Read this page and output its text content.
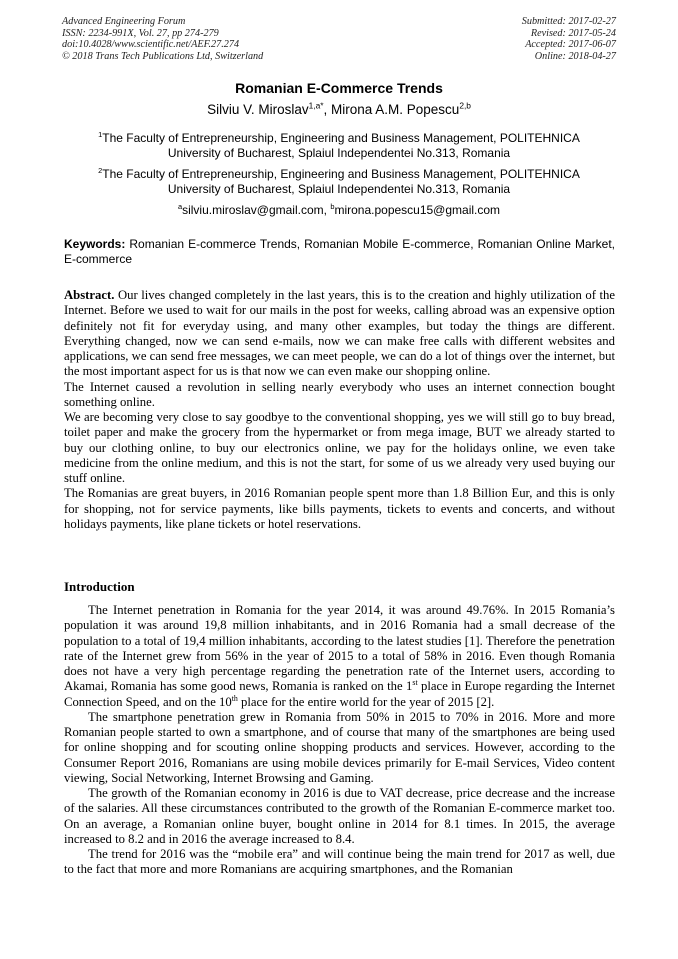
Advanced Engineering Forum
ISSN: 2234-991X, Vol. 27, pp 274-279
doi:10.4028/www.scientific.net/AEF.27.274
© 2018 Trans Tech Publications Ltd, Switzerland
Submitted: 2017-02-27
Revised: 2017-05-24
Accepted: 2017-06-07
Online: 2018-04-27
Romanian E-Commerce Trends
Silviu V. Miroslav$^{1,a*}$, Mirona A.M. Popescu$^{2,b}$
$^1$The Faculty of Entrepreneurship, Engineering and Business Management, POLITEHNICA
University of Bucharest, Splaiul Independentei No.313, Romania
$^2$The Faculty of Entrepreneurship, Engineering and Business Management, POLITEHNICA
University of Bucharest, Splaiul Independentei No.313, Romania
$^a$silviu.miroslav@gmail.com, $^b$mirona.popescu15@gmail.com
Keywords: Romanian E-commerce Trends, Romanian Mobile E-commerce, Romanian Online Market, E-commerce

Abstract. Our lives changed completely in the last years, this is to the creation and highly utilization of the Internet. Before we used to wait for our mails in the post for weeks, calling abroad was an expensive option definitely not fit for everyday using, and many other examples, but today the things are different. Everything changed, now we can send e-mails, now we can make free calls with different websites and applications, we can send free messages, we can meet people, we can do a lot of things over the internet, but the most important aspect for us is that now we can even make our shopping online.

The Internet caused a revolution in selling nearly everybody who uses an internet connection bought something online.

We are becoming very close to say goodbye to the conventional shopping, yes we will still go to buy bread, toilet paper and make the grocery from the hypermarket or from mega image, BUT we already started to buy our clothing online, to buy our electronics online, we pay for the holidays online, we even take medicine from the online medium, and this is not the start, for some of us we already very used buying our stuff online.

The Romanias are great buyers, in 2016 Romanian people spent more than 1.8 Billion Eur, and this is only for shopping, not for service payments, like bills payments, tickets to events and concerts, and without holidays payments, like plane tickets or hotel reservations.

Introduction

The Internet penetration in Romania for the year 2014, it was around 49.76%. In 2015 Romania’s population it was around 19,8 million inhabitants, and in 2016 Romania had a small decrease of the population to a total of 19,4 million inhabitants, according to the latest studies [1]. Therefore the penetration rate of the Internet grew from 56% in the year of 2015 to a total of 58% in 2016. Even though Romania does not have a very high percentage regarding the penetration rate of the Internet users, according to Akamai, Romania has some good news, Romania is ranked on the 1st place in Europe regarding the Internet Connection Speed, and on the 10th place for the entire world for the year of 2015 [2].

The smartphone penetration grew in Romania from 50% in 2015 to 70% in 2016. More and more Romanian people started to own a smartphone, and of course that many of the smartphones are being used for online shopping and for scouting online shopping products and services. However, according to the Consumer Report 2016, Romanians are using mobile devices primarily for E-mail Services, Video content viewing, Social Networking, Internet Browsing and Gaming.

The growth of the Romanian economy in 2016 is due to VAT decrease, price decrease and the increase of the salaries. All these circumstances contributed to the growth of the Romanian E-commerce market too. On an average, a Romanian online buyer, bought online in 2014 for 8.1 times. In 2015, the average increased to 8.2 and in 2016 the average increased to 8.4.

The trend for 2016 was the “mobile era” and will continue being the main trend for 2017 as well, due to the fact that more and more Romanians are acquiring smartphones, and the Romanian
